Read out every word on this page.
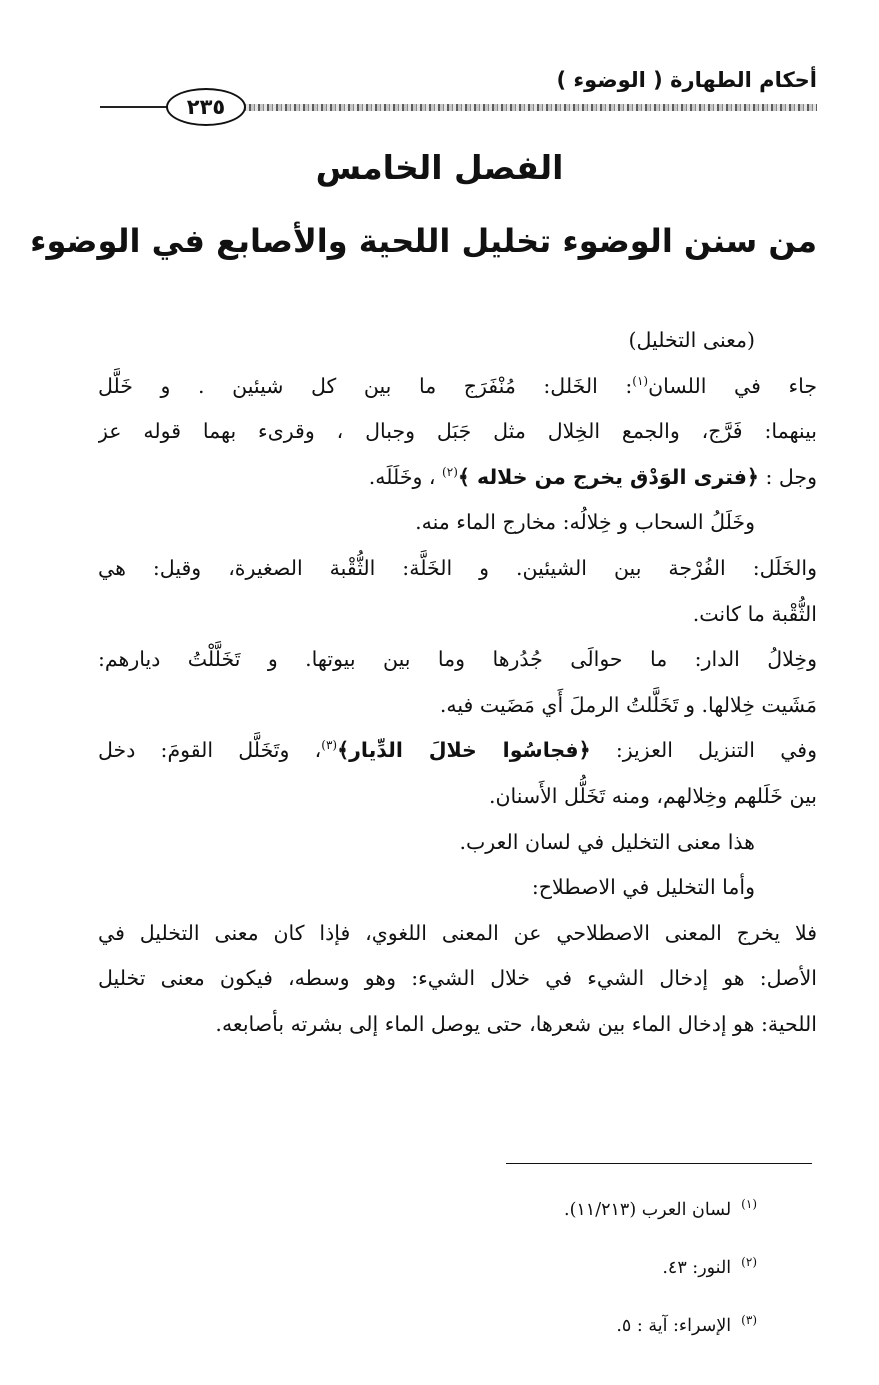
أحكام الطهارة ( الوضوء )
٢٣٥
الفصل الخامس
من سنن الوضوء تخليل اللحية والأصابع في الوضوء
(معنى التخليل)
جاء في اللسان$^{(١)}$: الخَلل: مُنْفَرَج ما بين كل شيئين . و خَلَّل
بينهما: فَرَّج، والجمع الخِلال مثل جَبَل وجبال ، وقرىء بهما قوله عز
وجل : ﴿فترى الوَدْق يخرج من خلاله ﴾$^{(٢)}$ ، وخَلَلَه.
وخَلَلُ السحاب و خِلالُه: مخارج الماء منه.
والخَلَل: الفُرْجة بين الشيئين. و الخَلَّة: الثُّقْبة الصغيرة، وقيل: هي
الثُّقْبة ما كانت.
وخِلالُ الدار: ما حوالَى جُدُرها وما بين بيوتها. و تَخَلَّلْتُ ديارهم:
مَشَيت خِلالها. و تَخَلَّلتُ الرملَ أَي مَضَيت فيه.
وفي التنزيل العزيز: ﴿فجاسُوا خلالَ الدِّيار﴾$^{(٣)}$، وتَخَلَّل القومَ: دخل
بين خَلَلهم وخِلالهم، ومنه تَخَلُّل الأَسنان.
هذا معنى التخليل في لسان العرب.
وأما التخليل في الاصطلاح:
فلا يخرج المعنى الاصطلاحي عن المعنى اللغوي، فإذا كان معنى التخليل في
الأصل: هو إدخال الشيء في خلال الشيء: وهو وسطه، فيكون معنى تخليل
اللحية: هو إدخال الماء بين شعرها، حتى يوصل الماء إلى بشرته بأصابعه.
$^{(١)}$لسان العرب (١١/٢١٣).
$^{(٢)}$النور: ٤٣.
$^{(٣)}$الإسراء: آية : ٥.
